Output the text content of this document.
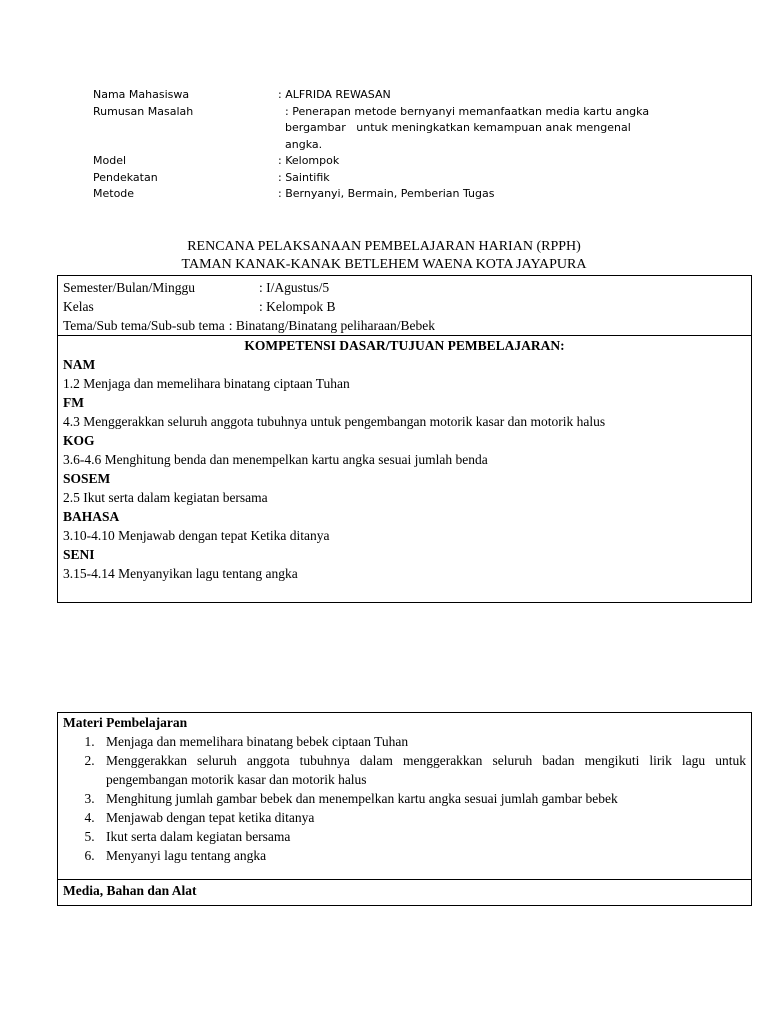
Nama Mahasiswa	: ALFRIDA REWASAN
Rumusan Masalah	: Penerapan metode bernyanyi memanfaatkan media kartu angka
bergambar   untuk meningkatkan kemampuan anak mengenal
angka.
Model	: Kelompok
Pendekatan	: Saintifik
Metode	: Bernyanyi, Bermain, Pemberian Tugas
RENCANA PELAKSANAAN PEMBELAJARAN HARIAN (RPPH)
TAMAN KANAK-KANAK BETLEHEM WAENA KOTA JAYAPURA
Semester/Bulan/Minggu	: I/Agustus/5
Kelas	: Kelompok B
Tema/Sub tema/Sub-sub tema : Binatang/Binatang peliharaan/Bebek
KOMPETENSI DASAR/TUJUAN PEMBELAJARAN:
NAM
1.2 Menjaga dan memelihara binatang ciptaan Tuhan
FM
4.3 Menggerakkan seluruh anggota tubuhnya untuk pengembangan motorik kasar dan motorik halus
KOG
3.6-4.6 Menghitung benda dan menempelkan kartu angka sesuai jumlah benda
SOSEM
2.5 Ikut serta dalam kegiatan bersama
BAHASA
3.10-4.10 Menjawab dengan tepat Ketika ditanya
SENI
3.15-4.14 Menyanyikan lagu tentang angka
Materi Pembelajaran
1. Menjaga dan memelihara binatang bebek ciptaan Tuhan
2. Menggerakkan seluruh anggota tubuhnya dalam menggerakkan seluruh badan mengikuti lirik lagu untuk pengembangan motorik kasar dan motorik halus
3. Menghitung jumlah gambar bebek dan menempelkan kartu angka sesuai jumlah gambar bebek
4. Menjawab dengan tepat ketika ditanya
5. Ikut serta dalam kegiatan bersama
6. Menyanyi lagu tentang angka
Media, Bahan dan Alat
